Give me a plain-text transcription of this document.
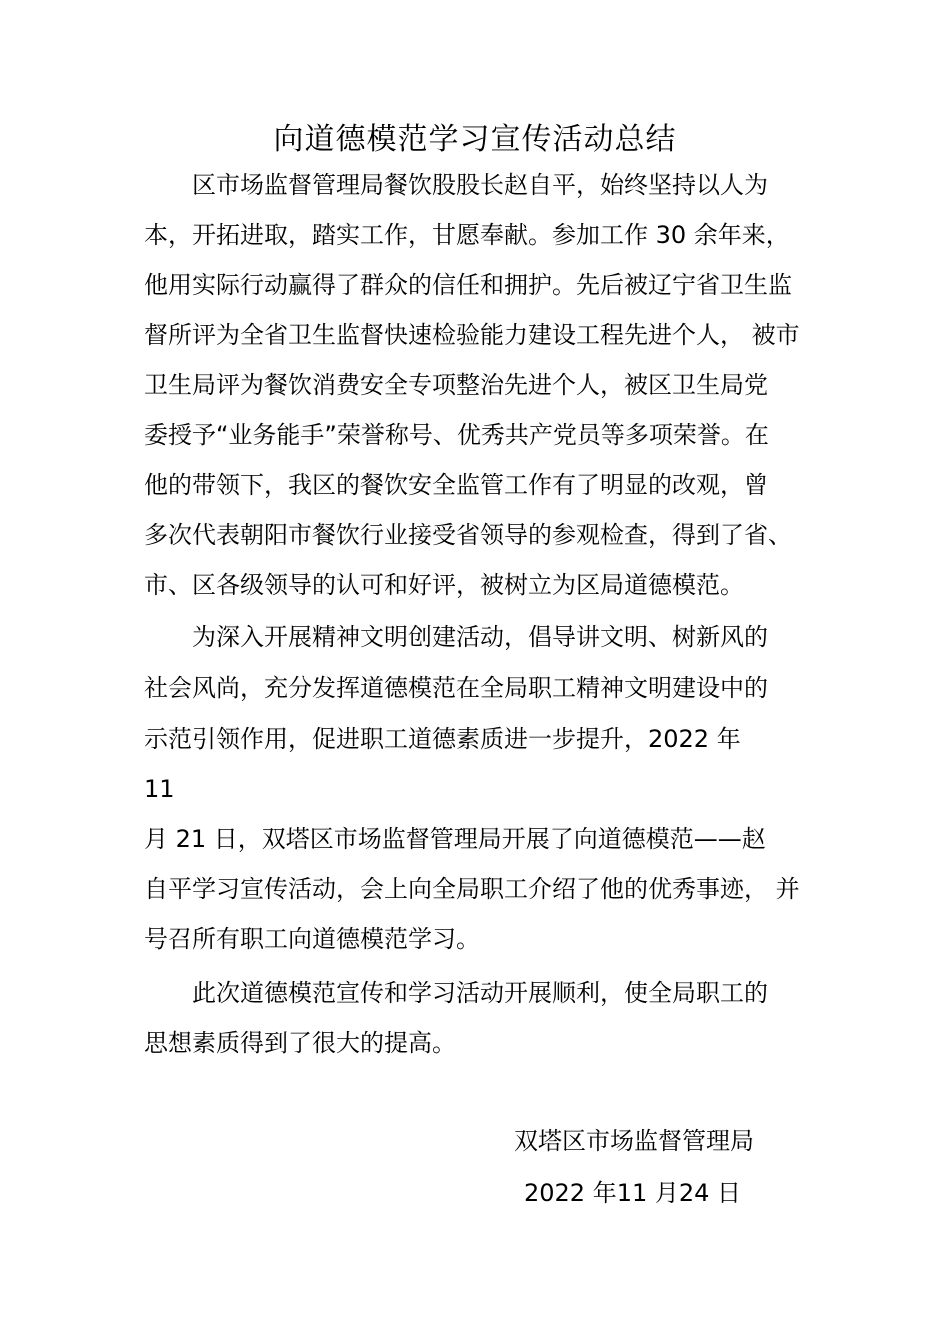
向道德模范学习宣传活动总结
区市场监督管理局餐饮股股长赵自平，始终坚持以人为
本，开拓进取，踏实工作，甘愿奉献。参加工作 30 余年来，
他用实际行动赢得了群众的信任和拥护。先后被辽宁省卫生监
督所评为全省卫生监督快速检验能力建设工程先进个人， 被市
卫生局评为餐饮消费安全专项整治先进个人，被区卫生局党
委授予“业务能手”荣誉称号、优秀共产党员等多项荣誉。在
他的带领下，我区的餐饮安全监管工作有了明显的改观，曾
多次代表朝阳市餐饮行业接受省领导的参观检查，得到了省、
市、区各级领导的认可和好评，被树立为区局道德模范。
为深入开展精神文明创建活动，倡导讲文明、树新风的
社会风尚，充分发挥道德模范在全局职工精神文明建设中的
示范引领作用，促进职工道德素质进一步提升，2022 年
11
月 21 日，双塔区市场监督管理局开展了向道德模范——赵
自平学习宣传活动，会上向全局职工介绍了他的优秀事迹， 并
号召所有职工向道德模范学习。
此次道德模范宣传和学习活动开展顺利，使全局职工的
思想素质得到了很大的提高。
双塔区市场监督管理局
2022 年11 月24 日
